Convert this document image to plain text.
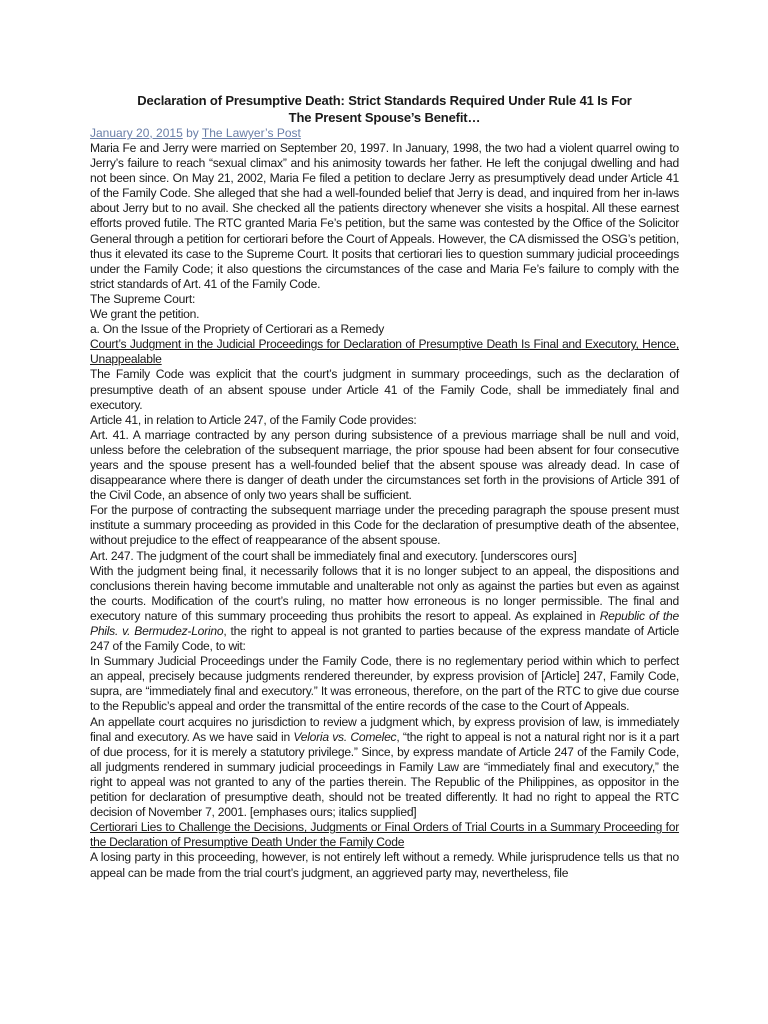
Declaration of Presumptive Death: Strict Standards Required Under Rule 41 Is For
The Present Spouse’s Benefit…
January 20, 2015 by The Lawyer’s Post

Maria Fe and Jerry were married on September 20, 1997. In January, 1998, the two had a violent quarrel owing to Jerry’s failure to reach “sexual climax” and his animosity towards her father. He left the conjugal dwelling and had not been since. On May 21, 2002, Maria Fe filed a petition to declare Jerry as presumptively dead under Article 41 of the Family Code. She alleged that she had a well-founded belief that Jerry is dead, and inquired from her in-laws about Jerry but to no avail. She checked all the patients directory whenever she visits a hospital. All these earnest efforts proved futile. The RTC granted Maria Fe’s petition, but the same was contested by the Office of the Solicitor General through a petition for certiorari before the Court of Appeals. However, the CA dismissed the OSG’s petition, thus it elevated its case to the Supreme Court. It posits that certiorari lies to question summary judicial proceedings under the Family Code; it also questions the circumstances of the case and Maria Fe’s failure to comply with the strict standards of Art. 41 of the Family Code.

The Supreme Court:

We grant the petition.

a. On the Issue of the Propriety of Certiorari as a Remedy

Court’s Judgment in the Judicial Proceedings for Declaration of Presumptive Death Is Final and Executory, Hence, Unappealable

The Family Code was explicit that the court’s judgment in summary proceedings, such as the declaration of presumptive death of an absent spouse under Article 41 of the Family Code, shall be immediately final and executory.

Article 41, in relation to Article 247, of the Family Code provides:

Art. 41. A marriage contracted by any person during subsistence of a previous marriage shall be null and void, unless before the celebration of the subsequent marriage, the prior spouse had been absent for four consecutive years and the spouse present has a well-founded belief that the absent spouse was already dead. In case of disappearance where there is danger of death under the circumstances set forth in the provisions of Article 391 of the Civil Code, an absence of only two years shall be sufficient.

For the purpose of contracting the subsequent marriage under the preceding paragraph the spouse present must institute a summary proceeding as provided in this Code for the declaration of presumptive death of the absentee, without prejudice to the effect of reappearance of the absent spouse.

Art. 247. The judgment of the court shall be immediately final and executory. [underscores ours]

With the judgment being final, it necessarily follows that it is no longer subject to an appeal, the dispositions and conclusions therein having become immutable and unalterable not only as against the parties but even as against the courts. Modification of the court’s ruling, no matter how erroneous is no longer permissible. The final and executory nature of this summary proceeding thus prohibits the resort to appeal. As explained in Republic of the Phils. v. Bermudez-Lorino, the right to appeal is not granted to parties because of the express mandate of Article 247 of the Family Code, to wit:

In Summary Judicial Proceedings under the Family Code, there is no reglementary period within which to perfect an appeal, precisely because judgments rendered thereunder, by express provision of [Article] 247, Family Code, supra, are “immediately final and executory.” It was erroneous, therefore, on the part of the RTC to give due course to the Republic’s appeal and order the transmittal of the entire records of the case to the Court of Appeals.

An appellate court acquires no jurisdiction to review a judgment which, by express provision of law, is immediately final and executory. As we have said in Veloria vs. Comelec, “the right to appeal is not a natural right nor is it a part of due process, for it is merely a statutory privilege.” Since, by express mandate of Article 247 of the Family Code, all judgments rendered in summary judicial proceedings in Family Law are “immediately final and executory,” the right to appeal was not granted to any of the parties therein. The Republic of the Philippines, as oppositor in the petition for declaration of presumptive death, should not be treated differently. It had no right to appeal the RTC decision of November 7, 2001. [emphases ours; italics supplied]

Certiorari Lies to Challenge the Decisions, Judgments or Final Orders of Trial Courts in a Summary Proceeding for the Declaration of Presumptive Death Under the Family Code

A losing party in this proceeding, however, is not entirely left without a remedy. While jurisprudence tells us that no appeal can be made from the trial court’s judgment, an aggrieved party may, nevertheless, file
